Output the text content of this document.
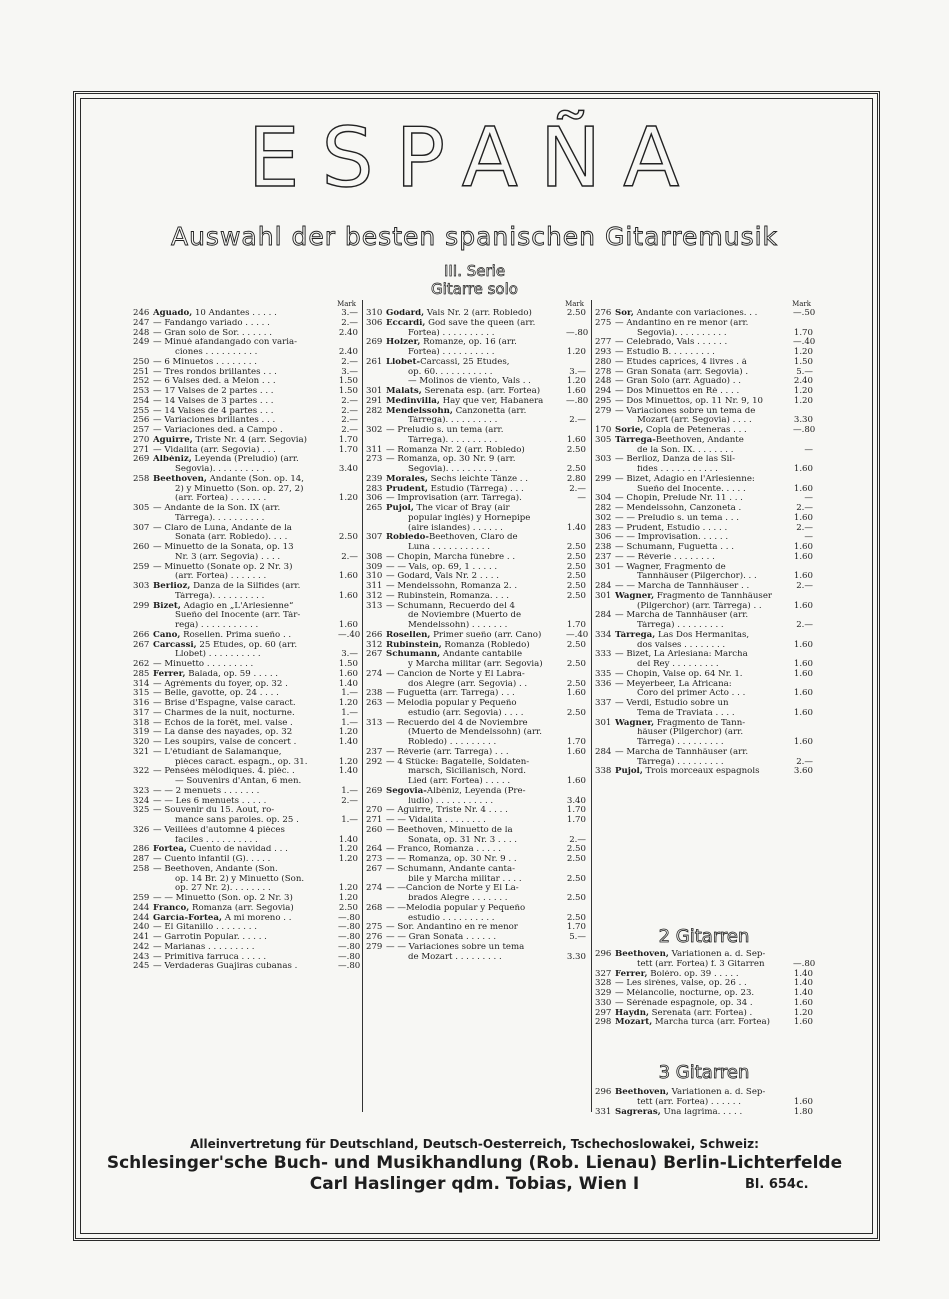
ESPAÑA
Auswahl der besten spanischen Gitarremusik
III. Serie
Gitarre solo
Mark
246 Aguado, 10 Andantes . . . . .	3.—
247 — Fandango variado . . . . .	2.—
248 — Gran solo de Sor. . . . . . .	2.40
249 — Minué afandangado con varia-
ciones . . . . . . . . . .	2.40
250 — 6 Minuetos . . . . . . . .	2.—
251 — Tres rondos brillantes . . .	3.—
252 — 6 Valses ded. a Melon . . .	1.50
253 — 17 Valses de 2 partes . . .	1.50
254 — 14 Valses de 3 partes . . .	2.—
255 — 14 Valses de 4 partes . . .	2.—
256 — Variaciones brillantes . . .	2.—
257 — Variaciones ded. a Campo .	2.—
270 Aguirre, Triste Nr. 4 (arr. Segovia)	1.70
271 — Vidalita (arr. Segovia) . . .	1.70
269 Albéniz, Leyenda (Preludio) (arr.
Segovia). . . . . . . . . .	3.40
258 Beethoven, Andante (Son. op. 14,
2) y Minuetto (Son. op. 27, 2)
(arr. Fortea) . . . . . . .	1.20
305 — Andante de la Son. IX (arr.
Tárrega). . . . . . . . . .
307 — Claro de Luna, Andante de la
Sonata (arr. Robledo). . . .	2.50
260 — Minuetto de la Sonata, op. 13
Nr. 3 (arr. Segovia) . . . .	2.—
259 — Minuetto (Sonate op. 2 Nr. 3)
(arr. Fortea) . . . . . . .	1.60
303 Berlioz, Danza de la Silfides (arr.
Tárrega). . . . . . . . . .	1.60
299 Bizet, Adagio en „L'Arlesienne“
Sueño del Inocente (arr. Tár-
rega) . . . . . . . . . . .	1.60
266 Cano, Rosellen. Prima sueño . .	—.40
267 Carcassi, 25 Etudes, op. 60 (arr.
Llobet) . . . . . . . . . .	3.—
262 — Minuetto . . . . . . . . .	1.50
285 Ferrer, Balada, op. 59 . . . . .	1.60
314 — Agréments du foyer, op. 32 .	1.40
315 — Belle, gavotte, op. 24 . . . .	1.—
316 — Brise d'Espagne, valse caract.	1.20
317 — Charmes de la nuit, nocturne.	1.—
318 — Échos de la forêt, mel. valse .	1.—
319 — La danse des nayades, op. 32	1.20
320 — Les soupirs, valse de concert .	1.40
321 — L'étudiant de Salamanque,
pièces caract. espagn., op. 31.	1.20
322 — Pensées mélodiques. 4. pièc. .	1.40
— Souvenirs d'Antan, 6 men.
323 — — 2 menuets . . . . . . .	1.—
324 — — Les 6 menuets . . . . .	2.—
325 — Souvenir du 15. Aout, ro-
mance sans paroles. op. 25 .	1.—
326 — Veillées d'automne 4 pièces
faciles . . . . . . . . . .	1.40
286 Fortea, Cuento de navidad . . .	1.20
287 — Cuento infantil (G). . . . .	1.20
258 — Beethoven, Andante (Son.
op. 14 Br. 2) y Minuetto (Son.
op. 27 Nr. 2). . . . . . . .	1.20
259 — — Minuetto (Son. op. 2 Nr. 3)	1.20
244 Franco, Romanza (arr. Segovia)	2.50
244 García-Fortea, A mi moreno . .	—.80
240 — El Gitanillo . . . . . . . .	—.80
241 — Garrotin Popular. . . . . .	—.80
242 — Marianas . . . . . . . . .	—.80
243 — Primitiva farruca . . . . .	—.80
245 — Verdaderas Guajiras cubanas .	—.80
Mark
310 Godard, Vals Nr. 2 (arr. Robledo)	2.50
306 Eccardi, God save the queen (arr.
Fortea) . . . . . . . . . .	—.80
269 Holzer, Romanze, op. 16 (arr.
Fortea) . . . . . . . . . .	1.20
261 Llobet-Carcassi, 25 Etudes,
op. 60. . . . . . . . . . .	3.—
— Molinos de viento, Vals . .	1.20
301 Malats, Serenata esp. (arr. Fortea)	1.60
291 Medinvilla, Hay que ver, Habanera	—.80
282 Mendelssohn, Canzonetta (arr.
Tárrega). . . . . . . . . .	2.—
302 — Preludio s. un tema (arr.
Tárrega). . . . . . . . . .	1.60
311 — Romanza Nr. 2 (arr. Robledo)	2.50
273 — Romanza, op. 30 Nr. 9 (arr.
Segovia). . . . . . . . . .	2.50
239 Morales, Sechs leichte Tänze . .	2.80
283 Prudent, Estudio (Tárrega) . . .	2.—
306 — Improvisation (arr. Tárrega).	—
265 Pujol, The vicar of Bray (air
popular inglés) y Hornepipe
(aire islandes) . . . . . .	1.40
307 Robledo-Beethoven, Claro de
Luna . . . . . . . . . . .	2.50
308 — Chopin, Marcha fúnebre . .	2.50
309 — — Vals, op. 69, 1 . . . . .	2.50
310 — Godard, Vals Nr. 2 . . . .	2.50
311 — Mendelssohn, Romanza 2. .	2.50
312 — Rubinstein, Romanza. . . .	2.50
313 — Schumann, Recuerdo del 4
de Noviembre (Muerto de
Mendelssohn) . . . . . . .	1.70
266 Rosellen, Primer sueño (arr. Cano)	—.40
312 Rubinstein, Romanza (Robledo)	2.50
267 Schumann, Andante cantabile
y Marcha militar (arr. Segovia)	2.50
274 — Cancion de Norte y El Labra-
dos Alegre (arr. Segovia) . .	2.50
238 — Fuguetta (arr. Tarrega) . . .	1.60
263 — Melodia popular y Pequeño
estudio (arr. Segovia) . . . .	2.50
313 — Recuerdo del 4 de Noviembre
(Muerto de Mendelssohn) (arr.
Robledo) . . . . . . . . .	1.70
237 — Réverie (arr. Tarrega) . . .	1.60
292 — 4 Stücke: Bagatelle, Soldaten-
marsch, Sicilianisch, Nord.
Lied (arr. Fortea) . . . . .	1.60
269 Segovia-Albéniz, Leyenda (Pre-
ludio) . . . . . . . . . . .	3.40
270 — Aguirre, Triste Nr. 4 . . . .	1.70
271 — — Vidalita . . . . . . . .	1.70
260 — Beethoven, Minuetto de la
Sonata, op. 31 Nr. 3 . . . .	2.—
264 — Franco, Romanza . . . . .	2.50
273 — — Romanza, op. 30 Nr. 9 . .	2.50
267 — Schumann, Andante canta-
bile y Marcha militar . . . .	2.50
274 — —Cancion de Norte y El La-
brados Alegre . . . . . . .	2.50
268 — —Melodia popular y Pequeño
estudio . . . . . . . . . .	2.50
275 — Sor. Andantino en re menor	1.70
276 — — Gran Sonata . . . . . .	5.—
279 — — Variaciones sobre un tema
de Mozart . . . . . . . . .	3.30
Mark
276 Sor, Andante con variaciones. . .	—.50
275 — Andantino en re menor (arr.
Segovia). . . . . . . . . .	1.70
277 — Celebrado, Vals . . . . . .	—.40
293 — Estudio B. . . . . . . . .	1.20
280 — Etudes caprices, 4 livres . à	1.50
278 — Gran Sonata (arr. Segovia) .	5.—
248 — Gran Solo (arr. Aguado) . .	2.40
294 — Dos Minuettos en Ré . . . .	1.20
295 — Dos Minuettos, op. 11 Nr. 9, 10	1.20
279 — Variaciones sobre un tema de
Mozart (arr. Segovia) . . . .	3.30
170 Sorie, Copla de Peteneras . . .	—.80
305 Tárrega-Beethoven, Andante
de la Son. IX. . . . . . . .	—
303 — Berlioz, Danza de las Sil-
fides . . . . . . . . . . .	1.60
299 — Bizet, Adagio en l'Arlesienne:
Sueño del Inocente. . . . .	1.60
304 — Chopin, Prelude Nr. 11 . . .	—
282 — Mendelssohn, Canzoneta .	2.—
302 — — Preludio s. un tema . . .	1.60
283 — Prudent, Estudio . . . . .	2.—
306 — — Improvisation. . . . . .	—
238 — Schumann, Fuguetta . . .	1.60
237 — — Réverie . . . . . . . .	1.60
301 — Wagner, Fragmento de
Tannhäuser (Pilgerchor). . .	1.60
284 — — Marcha de Tannhäuser . .	2.—
301 Wagner, Fragmento de Tannhäuser
(Pilgerchor) (arr. Tárrega) . .	1.60
284 — Marcha de Tannhäuser (arr.
Tárrega) . . . . . . . . .	2.—
334 Tárrega, Las Dos Hermanitas,
dos valses . . . . . . . .	1.60
333 — Bizet, La Arlesiana: Marcha
del Rey . . . . . . . . .	1.60
335 — Chopin, Valse op. 64 Nr. 1.	1.60
336 — Meyerbeer, La Africana:
Coro del primer Acto . . .	1.60
337 — Verdi, Estudio sobre un
Tema de Traviata . . . .	1.60
301 Wagner, Fragmento de Tann-
häuser (Pilgerchor) (arr.
Tárrega) . . . . . . . . .	1.60
284 — Marcha de Tannhäuser (arr.
Tárrega) . . . . . . . . .	2.—
338 Pujol, Trois morceaux espagnols	3.60
2 Gitarren
296 Beethoven, Variationen a. d. Sep-
tett (arr. Fortea) f. 3 Gitarren	—.80
327 Ferrer, Boléro. op. 39 . . . . .	1.40
328 — Les sirènes, valse, op. 26 . .	1.40
329 — Mélancolie, nocturne, op. 23.	1.40
330 — Sérénade espagnole, op. 34 .	1.60
297 Haydn, Serenata (arr. Fortea) .	1.20
298 Mozart, Marcha turca (arr. Fortea)	1.60
3 Gitarren
296 Beethoven, Variationen a. d. Sep-
tett (arr. Fortea) . . . . . .	1.60
331 Sagreras, Una lagrima. . . . .	1.80
Alleinvertretung für Deutschland, Deutsch-Oesterreich, Tschechoslowakei, Schweiz:
Schlesinger'sche Buch- und Musikhandlung (Rob. Lienau) Berlin-Lichterfelde
Carl Haslinger qdm. Tobias, Wien I	Bl. 654c.
